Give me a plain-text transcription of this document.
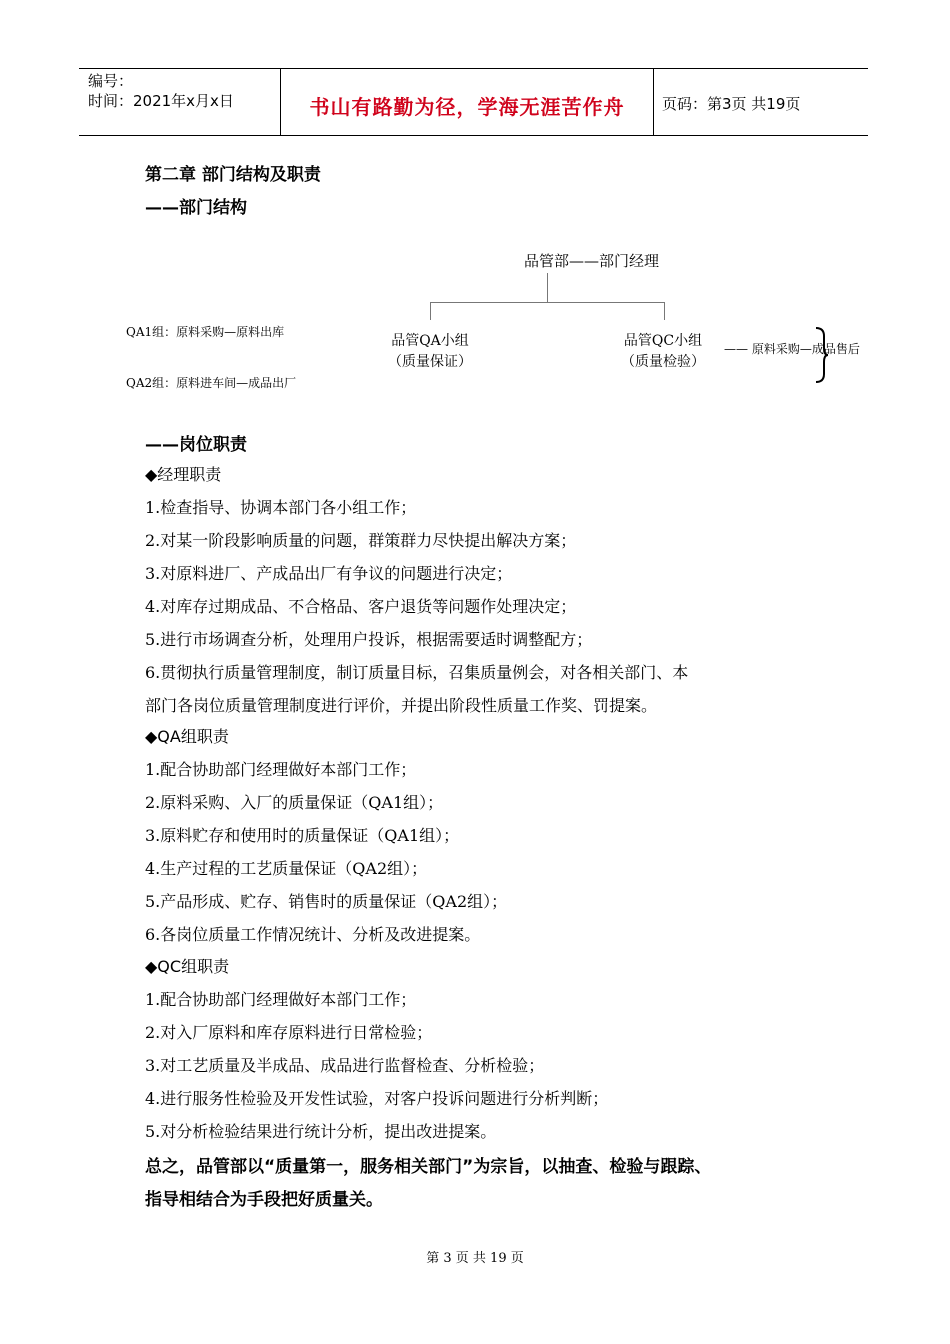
编号：
时间：2021年x月x日	书山有路勤为径，学海无涯苦作舟	页码：第3页 共19页
第二章 部门结构及职责
——部门结构
品管部——部门经理
品管QA小组
（质量保证）
品管QC小组
（质量检验）
QA1组：原料采购—原料出库
QA2组：原料进车间—成品出厂
—— 原料采购—成品售后
——岗位职责
◆经理职责
1.检查指导、协调本部门各小组工作；
2.对某一阶段影响质量的问题，群策群力尽快提出解决方案；
3.对原料进厂、产成品出厂有争议的问题进行决定；
4.对库存过期成品、不合格品、客户退货等问题作处理决定；
5.进行市场调查分析，处理用户投诉，根据需要适时调整配方；
6.贯彻执行质量管理制度，制订质量目标，召集质量例会，对各相关部门、本
部门各岗位质量管理制度进行评价，并提出阶段性质量工作奖、罚提案。
◆QA组职责
1.配合协助部门经理做好本部门工作；
2.原料采购、入厂的质量保证（QA1组）；
3.原料贮存和使用时的质量保证（QA1组）；
4.生产过程的工艺质量保证（QA2组）；
5.产品形成、贮存、销售时的质量保证（QA2组）；
6.各岗位质量工作情况统计、分析及改进提案。
◆QC组职责
1.配合协助部门经理做好本部门工作；
2.对入厂原料和库存原料进行日常检验；
3.对工艺质量及半成品、成品进行监督检查、分析检验；
4.进行服务性检验及开发性试验，对客户投诉问题进行分析判断；
5.对分析检验结果进行统计分析，提出改进提案。
总之，品管部以“质量第一，服务相关部门”为宗旨，以抽查、检验与跟踪、
指导相结合为手段把好质量关。
第 3 页 共 19 页
